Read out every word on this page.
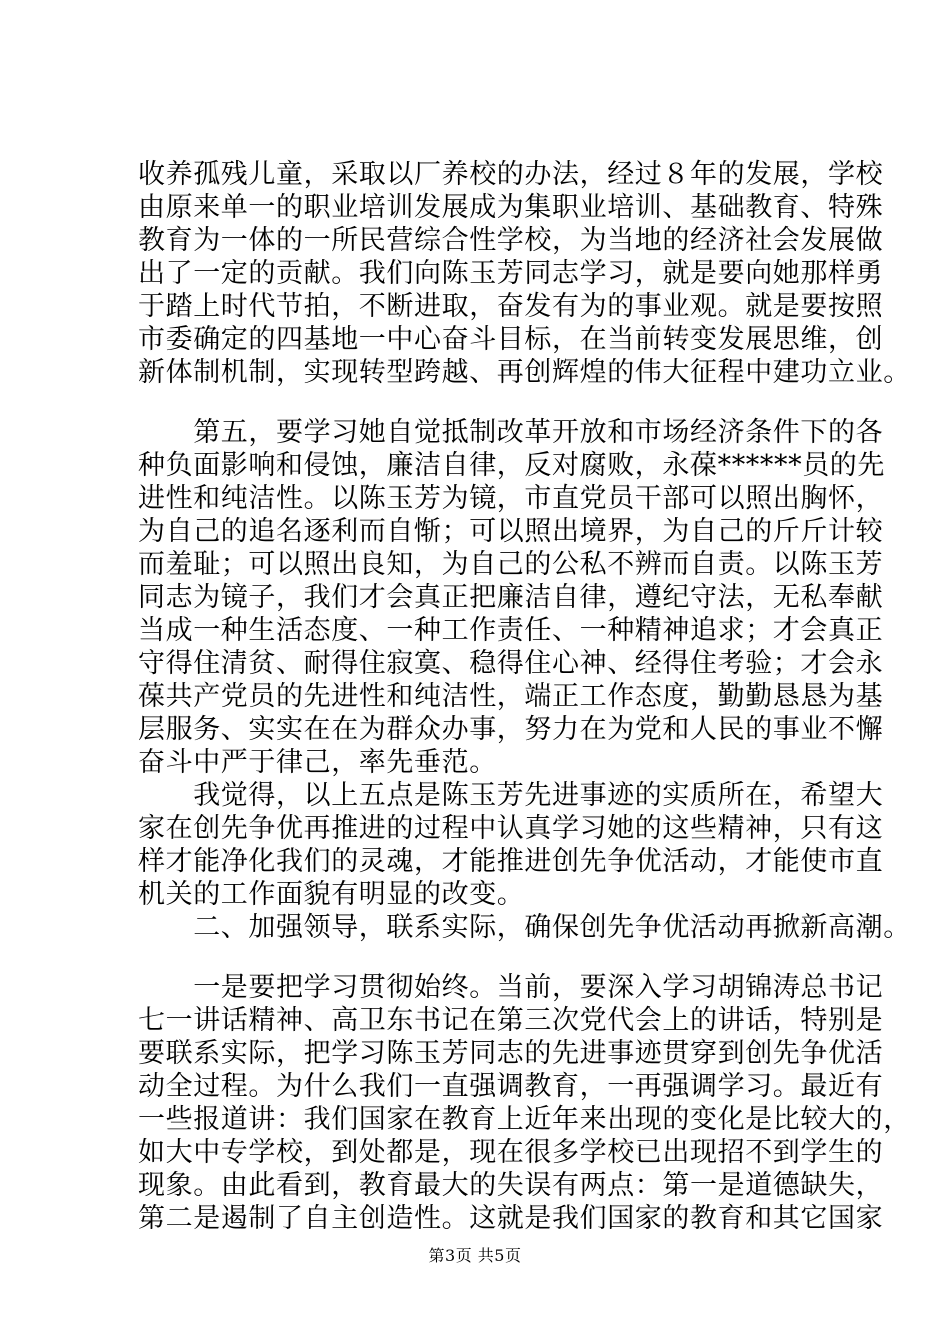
收养孤残儿童，采取以厂养校的办法，经过８年的发展，学校
由原来单一的职业培训发展成为集职业培训、基础教育、特殊
教育为一体的一所民营综合性学校，为当地的经济社会发展做
出了一定的贡献。我们向陈玉芳同志学习，就是要向她那样勇
于踏上时代节拍，不断进取，奋发有为的事业观。就是要按照
市委确定的四基地一中心奋斗目标，在当前转变发展思维，创
新体制机制，实现转型跨越、再创辉煌的伟大征程中建功立业。
　　第五，要学习她自觉抵制改革开放和市场经济条件下的各
种负面影响和侵蚀，廉洁自律，反对腐败，永葆******员的先
进性和纯洁性。以陈玉芳为镜，市直党员干部可以照出胸怀，
为自己的追名逐利而自惭；可以照出境界，为自己的斤斤计较
而羞耻；可以照出良知，为自己的公私不辨而自责。以陈玉芳
同志为镜子，我们才会真正把廉洁自律，遵纪守法，无私奉献
当成一种生活态度、一种工作责任、一种精神追求；才会真正
守得住清贫、耐得住寂寞、稳得住心神、经得住考验；才会永
葆共产党员的先进性和纯洁性，端正工作态度，勤勤恳恳为基
层服务、实实在在为群众办事，努力在为党和人民的事业不懈
奋斗中严于律己，率先垂范。
　　我觉得，以上五点是陈玉芳先进事迹的实质所在，希望大
家在创先争优再推进的过程中认真学习她的这些精神，只有这
样才能净化我们的灵魂，才能推进创先争优活动，才能使市直
机关的工作面貌有明显的改变。
　　二、加强领导，联系实际，确保创先争优活动再掀新高潮。
　　一是要把学习贯彻始终。当前，要深入学习胡锦涛总书记
七一讲话精神、高卫东书记在第三次党代会上的讲话，特别是
要联系实际，把学习陈玉芳同志的先进事迹贯穿到创先争优活
动全过程。为什么我们一直强调教育，一再强调学习。最近有
一些报道讲：我们国家在教育上近年来出现的变化是比较大的，
如大中专学校，到处都是，现在很多学校已出现招不到学生的
现象。由此看到，教育最大的失误有两点：第一是道德缺失，
第二是遏制了自主创造性。这就是我们国家的教育和其它国家
第3页 共5页
